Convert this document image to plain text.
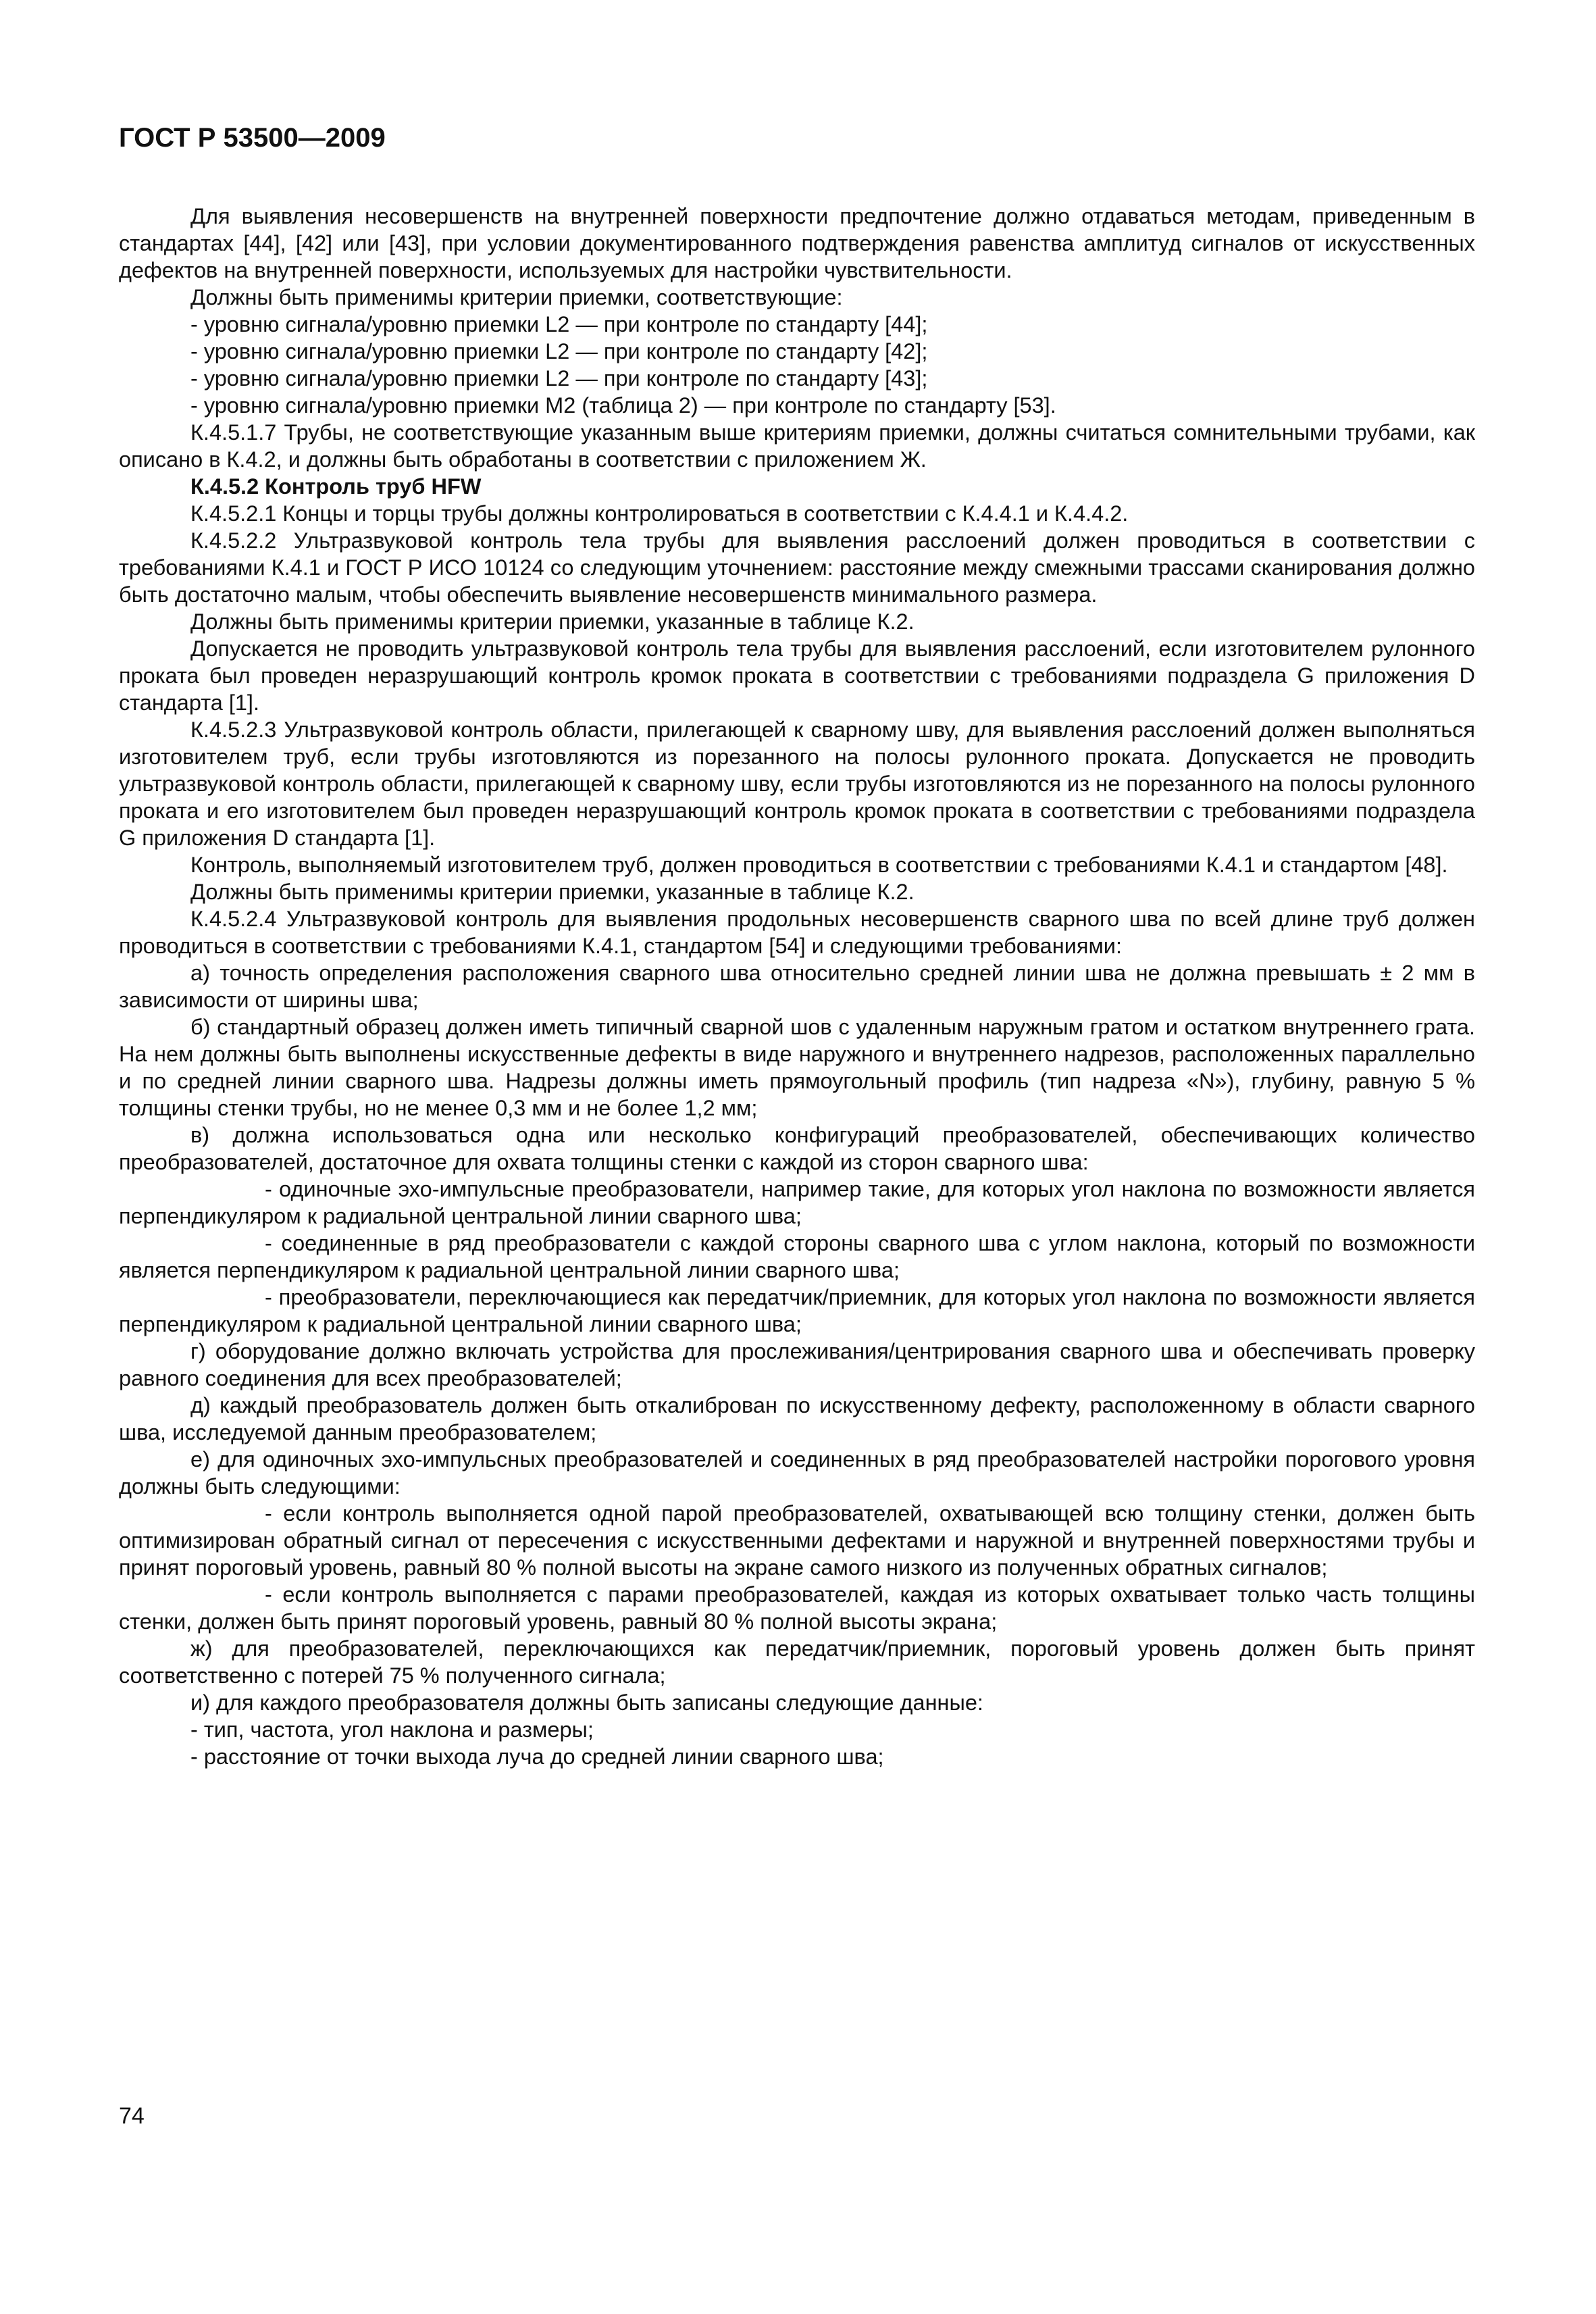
ГОСТ Р 53500—2009

Для выявления несовершенств на внутренней поверхности предпочтение должно отдаваться методам, приведенным в стандартах [44], [42] или [43], при условии документированного подтверждения равенства амплитуд сигналов от искусственных дефектов на внутренней поверхности, используемых для настройки чувствительности.

Должны быть применимы критерии приемки, соответствующие:

- уровню сигнала/уровню приемки L2 — при контроле по стандарту [44];

- уровню сигнала/уровню приемки L2 — при контроле по стандарту [42];

- уровню сигнала/уровню приемки L2 — при контроле по стандарту [43];

- уровню сигнала/уровню приемки M2 (таблица 2) — при контроле по стандарту [53].

К.4.5.1.7 Трубы, не соответствующие указанным выше критериям приемки, должны считаться сомнительными трубами, как описано в К.4.2, и должны быть обработаны в соответствии с приложением Ж.

К.4.5.2 Контроль труб HFW

К.4.5.2.1 Концы и торцы трубы должны контролироваться в соответствии с К.4.4.1 и К.4.4.2.

К.4.5.2.2 Ультразвуковой контроль тела трубы для выявления расслоений должен проводиться в соответствии с требованиями К.4.1 и ГОСТ Р ИСО 10124 со следующим уточнением: расстояние между смежными трассами сканирования должно быть достаточно малым, чтобы обеспечить выявление несовершенств минимального размера.

Должны быть применимы критерии приемки, указанные в таблице К.2.

Допускается не проводить ультразвуковой контроль тела трубы для выявления расслоений, если изготовителем рулонного проката был проведен неразрушающий контроль кромок проката в соответствии с требованиями подраздела G приложения D стандарта [1].

К.4.5.2.3 Ультразвуковой контроль области, прилегающей к сварному шву, для выявления расслоений должен выполняться изготовителем труб, если трубы изготовляются из порезанного на полосы рулонного проката. Допускается не проводить ультразвуковой контроль области, прилегающей к сварному шву, если трубы изготовляются из не порезанного на полосы рулонного проката и его изготовителем был проведен неразрушающий контроль кромок проката в соответствии с требованиями подраздела G приложения D стандарта [1].

Контроль, выполняемый изготовителем труб, должен проводиться в соответствии с требованиями К.4.1 и стандартом [48].

Должны быть применимы критерии приемки, указанные в таблице К.2.

К.4.5.2.4 Ультразвуковой контроль для выявления продольных несовершенств сварного шва по всей длине труб должен проводиться в соответствии с требованиями К.4.1, стандартом [54] и следующими требованиями:

а) точность определения расположения сварного шва относительно средней линии шва не должна превышать ± 2 мм в зависимости от ширины шва;

б) стандартный образец должен иметь типичный сварной шов с удаленным наружным гратом и остатком внутреннего грата. На нем должны быть выполнены искусственные дефекты в виде наружного и внутреннего надрезов, расположенных параллельно и по средней линии сварного шва. Надрезы должны иметь прямоугольный профиль (тип надреза «N»), глубину, равную 5 % толщины стенки трубы, но не менее 0,3 мм и не более 1,2 мм;

в) должна использоваться одна или несколько конфигураций преобразователей, обеспечивающих количество преобразователей, достаточное для охвата толщины стенки с каждой из сторон сварного шва:

- одиночные эхо-импульсные преобразователи, например такие, для которых угол наклона по возможности является перпендикуляром к радиальной центральной линии сварного шва;

- соединенные в ряд преобразователи с каждой стороны сварного шва с углом наклона, который по возможности является перпендикуляром к радиальной центральной линии сварного шва;

- преобразователи, переключающиеся как передатчик/приемник, для которых угол наклона по возможности является перпендикуляром к радиальной центральной линии сварного шва;

г) оборудование должно включать устройства для прослеживания/центрирования сварного шва и обеспечивать проверку равного соединения для всех преобразователей;

д) каждый преобразователь должен быть откалиброван по искусственному дефекту, расположенному в области сварного шва, исследуемой данным преобразователем;

е) для одиночных эхо-импульсных преобразователей и соединенных в ряд преобразователей настройки порогового уровня должны быть следующими:

- если контроль выполняется одной парой преобразователей, охватывающей всю толщину стенки, должен быть оптимизирован обратный сигнал от пересечения с искусственными дефектами и наружной и внутренней поверхностями трубы и принят пороговый уровень, равный 80 % полной высоты на экране самого низкого из полученных обратных сигналов;

- если контроль выполняется с парами преобразователей, каждая из которых охватывает только часть толщины стенки, должен быть принят пороговый уровень, равный 80 % полной высоты экрана;

ж) для преобразователей, переключающихся как передатчик/приемник, пороговый уровень должен быть принят соответственно с потерей 75 % полученного сигнала;

и) для каждого преобразователя должны быть записаны следующие данные:

- тип, частота, угол наклона и размеры;

- расстояние от точки выхода луча до средней линии сварного шва;

74
